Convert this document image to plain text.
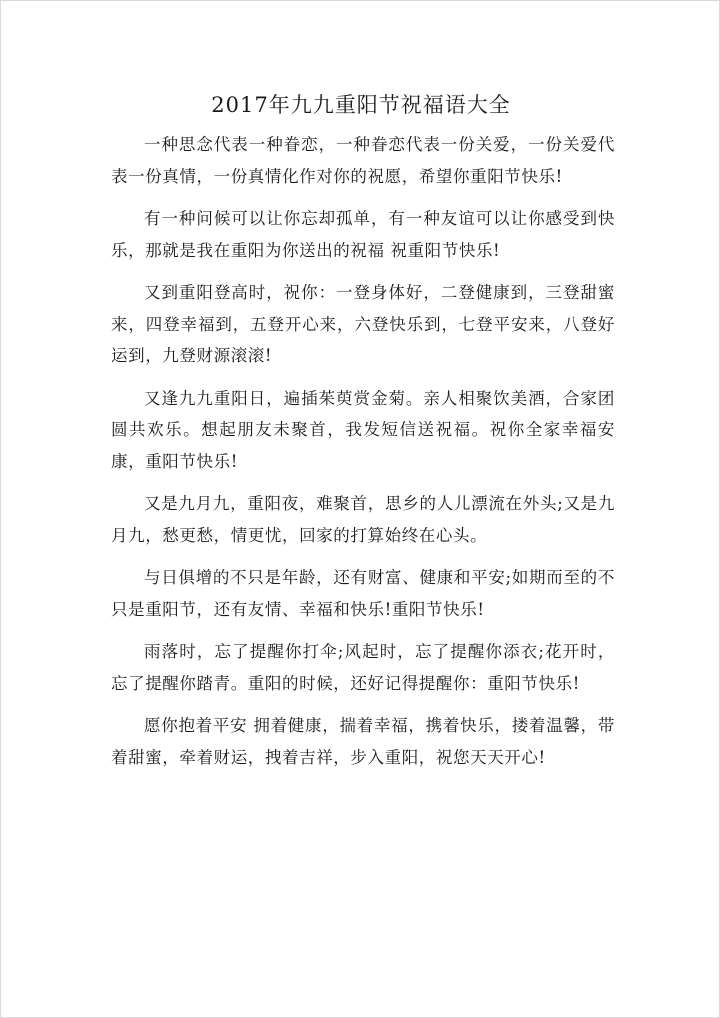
2017年九九重阳节祝福语大全

一种思念代表一种眷恋，一种眷恋代表一份关爱，一份关爱代表一份真情，一份真情化作对你的祝愿，希望你重阳节快乐!

有一种问候可以让你忘却孤单，有一种友谊可以让你感受到快乐，那就是我在重阳为你送出的祝福 祝重阳节快乐!

又到重阳登高时，祝你：一登身体好，二登健康到，三登甜蜜来，四登幸福到，五登开心来，六登快乐到，七登平安来，八登好运到，九登财源滚滚!

又逢九九重阳日，遍插茱萸赏金菊。亲人相聚饮美酒，合家团圆共欢乐。想起朋友未聚首，我发短信送祝福。祝你全家幸福安康，重阳节快乐!

又是九月九，重阳夜，难聚首，思乡的人儿漂流在外头;又是九月九，愁更愁，情更忧，回家的打算始终在心头。

与日俱增的不只是年龄，还有财富、健康和平安;如期而至的不只是重阳节，还有友情、幸福和快乐!重阳节快乐!

雨落时，忘了提醒你打伞;风起时，忘了提醒你添衣;花开时，忘了提醒你踏青。重阳的时候，还好记得提醒你：重阳节快乐!

愿你抱着平安 拥着健康，揣着幸福，携着快乐，搂着温馨，带着甜蜜，牵着财运，拽着吉祥，步入重阳，祝您天天开心!
